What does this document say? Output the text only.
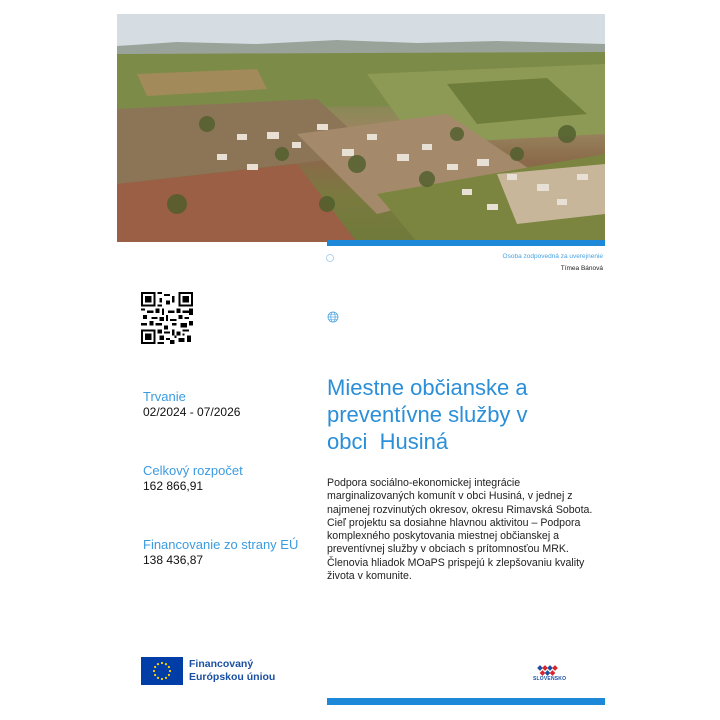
Osoba zodpovedná za uverejnenie
Tímea Bánová
Trvanie
02/2024 - 07/2026
Celkový rozpočet
162 866,91
Financovanie zo strany EÚ
138 436,87
Miestne občianske a
preventívne služby v
obci  Husiná

Podpora sociálno-ekonomickej integrácie marginalizovaných komunít v obci Husiná, v jednej z najmenej rozvinutých okresov, okresu Rimavská Sobota. Cieľ projektu sa dosiahne hlavnou aktivitou – Podpora komplexného poskytovania miestnej občianskej a preventívnej služby v obciach s prítomnosťou MRK. Členovia hliadok MOaPS prispejú k zlepšovaniu kvality života v komunite.

Financovaný
Európskou úniou	SLOVENSKO
